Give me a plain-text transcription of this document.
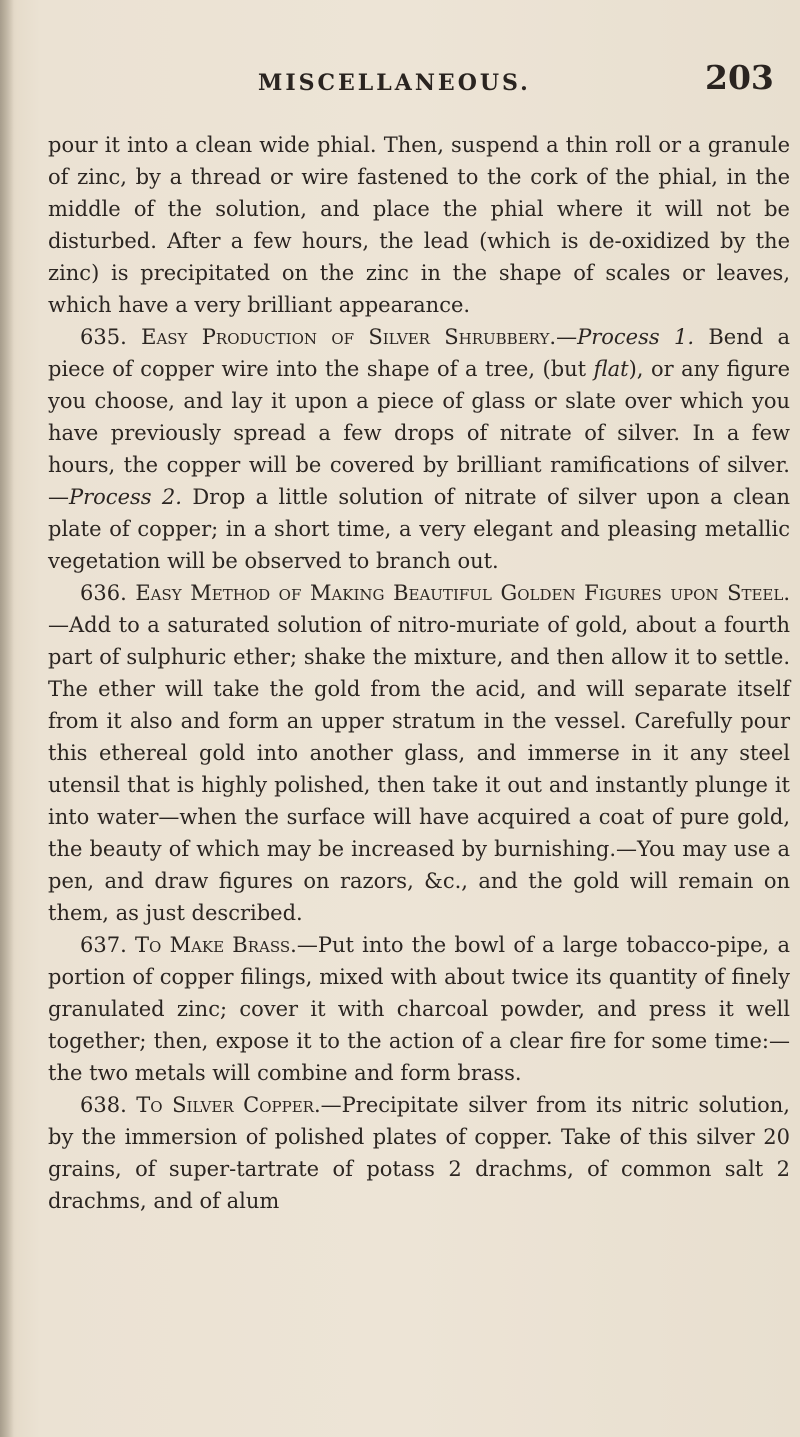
MISCELLANEOUS.	203

pour it into a clean wide phial. Then, suspend a thin roll or a granule of zinc, by a thread or wire fastened to the cork of the phial, in the middle of the solution, and place the phial where it will not be disturbed. After a few hours, the lead (which is de-oxidized by the zinc) is precipitated on the zinc in the shape of scales or leaves, which have a very brilliant appearance.

635. Easy Production of Silver Shrubbery.—Process 1. Bend a piece of copper wire into the shape of a tree, (but flat), or any figure you choose, and lay it upon a piece of glass or slate over which you have previously spread a few drops of nitrate of silver. In a few hours, the copper will be covered by brilliant ramifications of silver.—Process 2. Drop a little solution of nitrate of silver upon a clean plate of copper; in a short time, a very elegant and pleasing metallic vegetation will be observed to branch out.

636. Easy Method of Making Beautiful Golden Figures upon Steel.—Add to a saturated solution of nitro-muriate of gold, about a fourth part of sulphuric ether; shake the mixture, and then allow it to settle. The ether will take the gold from the acid, and will separate itself from it also and form an upper stratum in the vessel. Carefully pour this ethereal gold into another glass, and immerse in it any steel utensil that is highly polished, then take it out and instantly plunge it into water—when the surface will have acquired a coat of pure gold, the beauty of which may be increased by burnishing.—You may use a pen, and draw figures on razors, &c., and the gold will remain on them, as just described.

637. To Make Brass.—Put into the bowl of a large tobacco-pipe, a portion of copper filings, mixed with about twice its quantity of finely granulated zinc; cover it with charcoal powder, and press it well together; then, expose it to the action of a clear fire for some time:—the two metals will combine and form brass.

638. To Silver Copper.—Precipitate silver from its nitric solution, by the immersion of polished plates of copper. Take of this silver 20 grains, of super-tartrate of potass 2 drachms, of common salt 2 drachms, and of alum
